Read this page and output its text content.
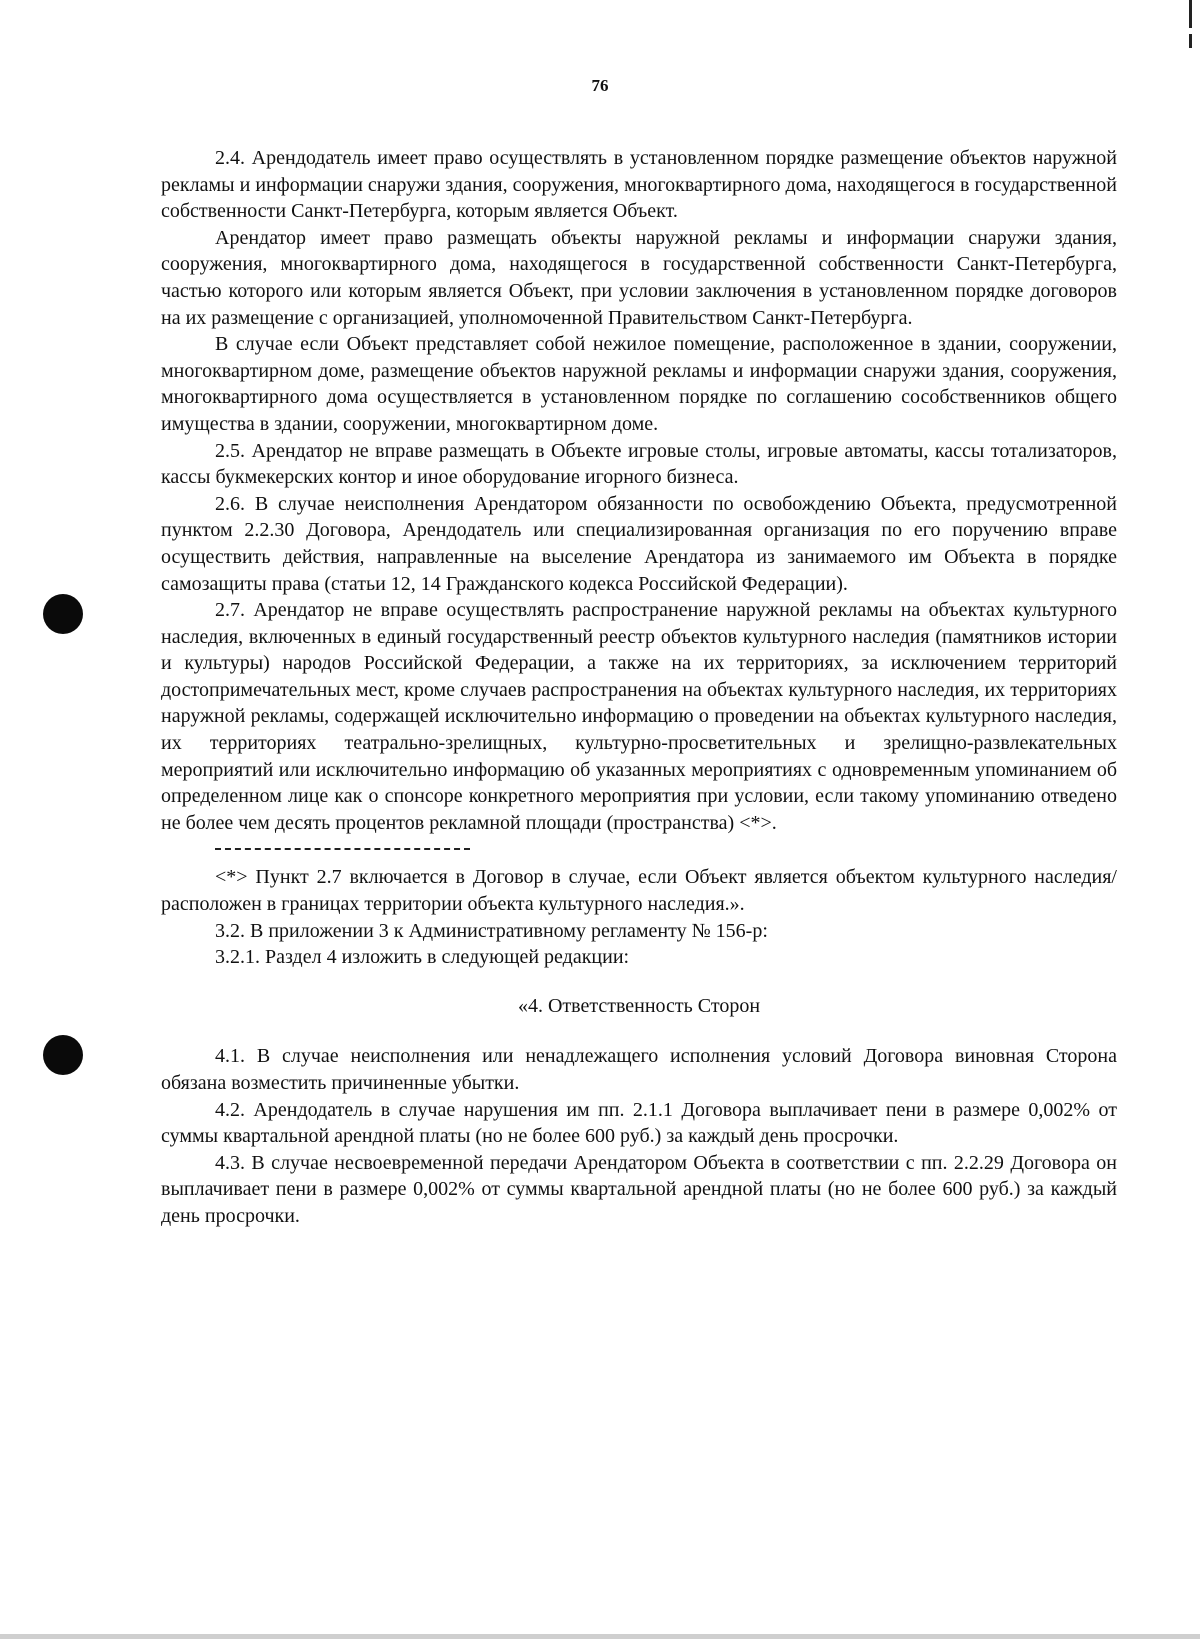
76

2.4. Арендодатель имеет право осуществлять в установленном порядке размещение объектов наружной рекламы и информации снаружи здания, сооружения, многоквартирного дома, находящегося в государственной собственности Санкт-Петербурга, которым является Объект.

Арендатор имеет право размещать объекты наружной рекламы и информации снаружи здания, сооружения, многоквартирного дома, находящегося в государственной собственности Санкт-Петербурга, частью которого или которым является Объект, при условии заключения в установленном порядке договоров на их размещение с организацией, уполномоченной Правительством Санкт-Петербурга.

В случае если Объект представляет собой нежилое помещение, расположенное в здании, сооружении, многоквартирном доме, размещение объектов наружной рекламы и информации снаружи здания, сооружения, многоквартирного дома осуществляется в установленном порядке по соглашению сособственников общего имущества в здании, сооружении, многоквартирном доме.

2.5. Арендатор не вправе размещать в Объекте игровые столы, игровые автоматы, кассы тотализаторов, кассы букмекерских контор и иное оборудование игорного бизнеса.

2.6. В случае неисполнения Арендатором обязанности по освобождению Объекта, предусмотренной пунктом 2.2.30 Договора, Арендодатель или специализированная организация по его поручению вправе осуществить действия, направленные на выселение Арендатора из занимаемого им Объекта в порядке самозащиты права (статьи 12, 14 Гражданского кодекса Российской Федерации).

2.7. Арендатор не вправе осуществлять распространение наружной рекламы на объектах культурного наследия, включенных в единый государственный реестр объектов культурного наследия (памятников истории и культуры) народов Российской Федерации, а также на их территориях, за исключением территорий достопримечательных мест, кроме случаев распространения на объектах культурного наследия, их территориях наружной рекламы, содержащей исключительно информацию о проведении на объектах культурного наследия, их территориях театрально-зрелищных, культурно-просветительных и зрелищно-развлекательных мероприятий или исключительно информацию об указанных мероприятиях с одновременным упоминанием об определенном лице как о спонсоре конкретного мероприятия при условии, если такому упоминанию отведено не более чем десять процентов рекламной площади (пространства) <*>.

<*> Пункт 2.7 включается в Договор в случае, если Объект является объектом культурного наследия/расположен в границах территории объекта культурного наследия.».

3.2. В приложении 3 к Административному регламенту № 156-р:

3.2.1. Раздел 4 изложить в следующей редакции:

«4. Ответственность Сторон

4.1. В случае неисполнения или ненадлежащего исполнения условий Договора виновная Сторона обязана возместить причиненные убытки.

4.2. Арендодатель в случае нарушения им пп. 2.1.1 Договора выплачивает пени в размере 0,002% от суммы квартальной арендной платы (но не более 600 руб.) за каждый день просрочки.

4.3. В случае несвоевременной передачи Арендатором Объекта в соответствии с пп. 2.2.29 Договора он выплачивает пени в размере 0,002% от суммы квартальной арендной платы (но не более 600 руб.) за каждый день просрочки.
